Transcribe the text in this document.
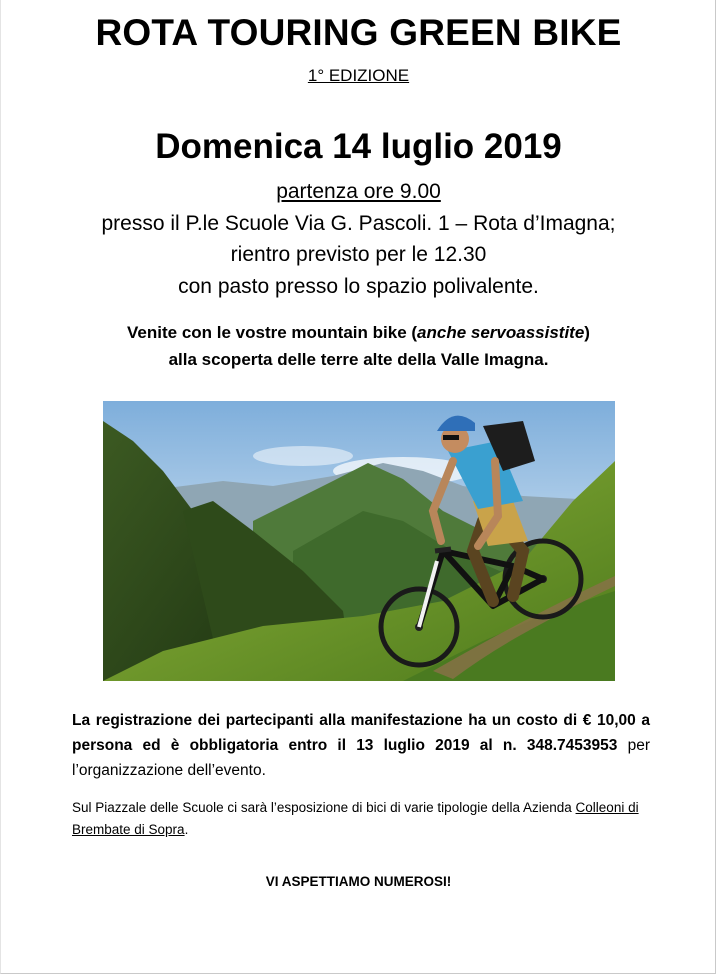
ROTA TOURING GREEN BIKE
1° EDIZIONE
Domenica 14 luglio 2019
partenza ore 9.00
presso il P.le Scuole Via G. Pascoli. 1 – Rota d’Imagna;
rientro previsto per le 12.30
con pasto presso lo spazio polivalente.
Venite con le vostre mountain bike (anche servoassistite)
alla scoperta delle terre alte della Valle Imagna.
La registrazione dei partecipanti alla manifestazione ha un costo di € 10,00 a persona ed è obbligatoria entro il 13 luglio 2019 al n. 348.7453953 per l’organizzazione dell’evento.
Sul Piazzale delle Scuole ci sarà l’esposizione di bici di varie tipologie della Azienda Colleoni di Brembate di Sopra.
VI ASPETTIAMO NUMEROSI!
